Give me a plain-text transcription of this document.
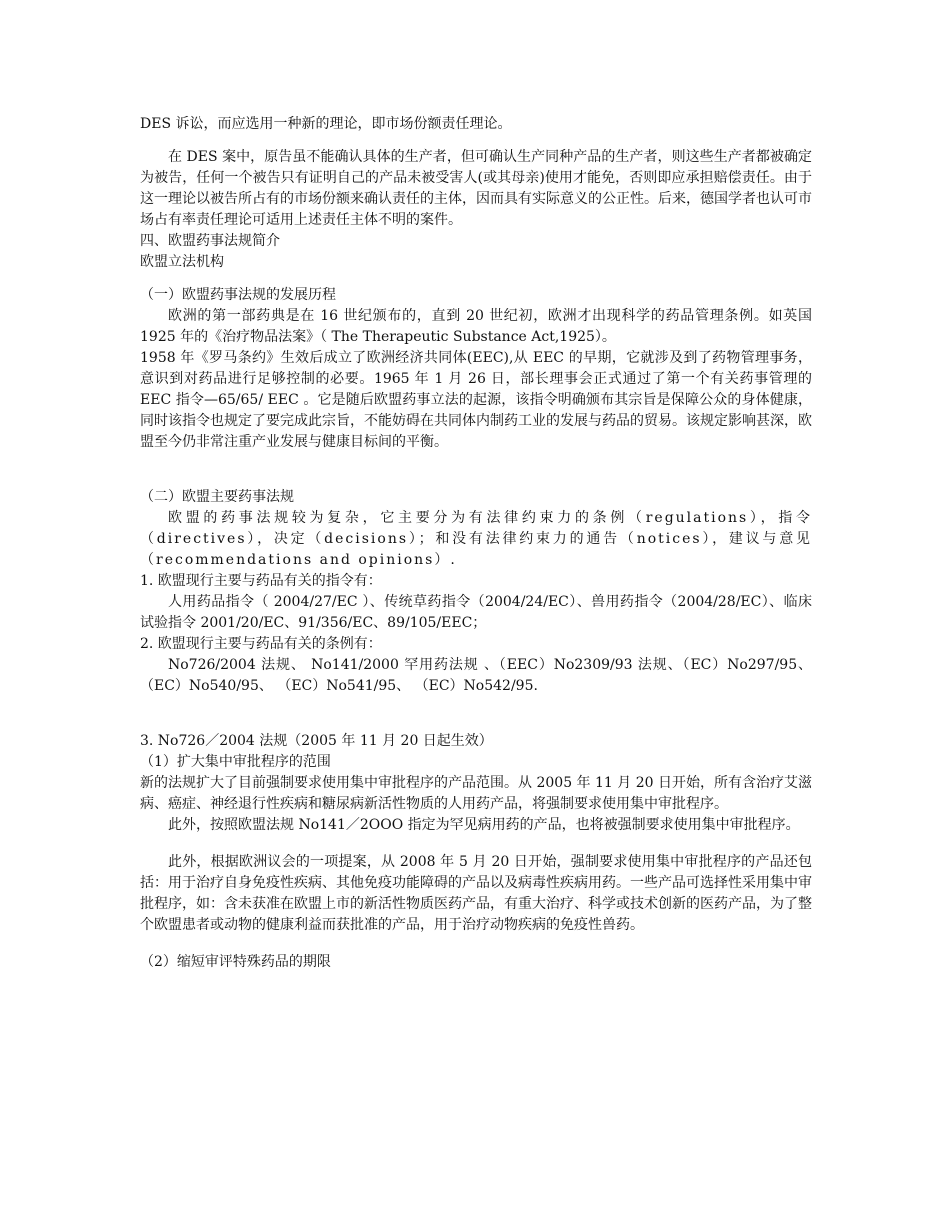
DES 诉讼，而应选用一种新的理论，即市场份额责任理论。

在 DES 案中，原告虽不能确认具体的生产者，但可确认生产同种产品的生产者，则这些生产者都被确定为被告，任何一个被告只有证明自己的产品未被受害人(或其母亲)使用才能免，否则即应承担赔偿责任。由于这一理论以被告所占有的市场份额来确认责任的主体，因而具有实际意义的公正性。后来，德国学者也认可市场占有率责任理论可适用上述责任主体不明的案件。

四、欧盟药事法规简介

欧盟立法机构

（一）欧盟药事法规的发展历程

欧洲的第一部药典是在 16 世纪颁布的，直到 20 世纪初，欧洲才出现科学的药品管理条例。如英国 1925 年的《治疗物品法案》（ The Therapeutic Substance Act,1925）。

1958 年《罗马条约》生效后成立了欧洲经济共同体(EEC),从 EEC 的早期，它就涉及到了药物管理事务，意识到对药品进行足够控制的必要。1965 年 1 月 26 日，部长理事会正式通过了第一个有关药事管理的 EEC 指令—65/65/ EEC 。它是随后欧盟药事立法的起源，该指令明确颁布其宗旨是保障公众的身体健康，同时该指令也规定了要完成此宗旨，不能妨碍在共同体内制药工业的发展与药品的贸易。该规定影响甚深，欧盟至今仍非常注重产业发展与健康目标间的平衡。

（二）欧盟主要药事法规

欧盟的药事法规较为复杂，它主要分为有法律约束力的条例（regulations），指令（directives），决定（decisions）；和没有法律约束力的通告（notices），建议与意见（recommendations and opinions）.

1. 欧盟现行主要与药品有关的指令有：

人用药品指令（ 2004/27/EC ）、传统草药指令（2004/24/EC）、兽用药指令（2004/28/EC）、临床试验指令 2001/20/EC、91/356/EC、89/105/EEC；

2. 欧盟现行主要与药品有关的条例有：

No726/2004 法规、 No141/2000 罕用药法规 、（EEC）No2309/93 法规、（EC）No297/95、（EC）No540/95、 （EC）No541/95、 （EC）No542/95.

3. No726／2004 法规（2005 年 11 月 20 日起生效）

（1）扩大集中审批程序的范围

新的法规扩大了目前强制要求使用集中审批程序的产品范围。从 2005 年 11 月 20 日开始，所有含治疗艾滋病、癌症、神经退行性疾病和糖尿病新活性物质的人用药产品，将强制要求使用集中审批程序。

此外，按照欧盟法规 No141／2OOO 指定为罕见病用药的产品，也将被强制要求使用集中审批程序。

此外，根据欧洲议会的一项提案，从 2008 年 5 月 20 日开始，强制要求使用集中审批程序的产品还包括：用于治疗自身免疫性疾病、其他免疫功能障碍的产品以及病毒性疾病用药。一些产品可选择性采用集中审批程序，如：含未获准在欧盟上市的新活性物质医药产品，有重大治疗、科学或技术创新的医药产品，为了整个欧盟患者或动物的健康利益而获批准的产品，用于治疗动物疾病的免疫性兽药。

（2）缩短审评特殊药品的期限
